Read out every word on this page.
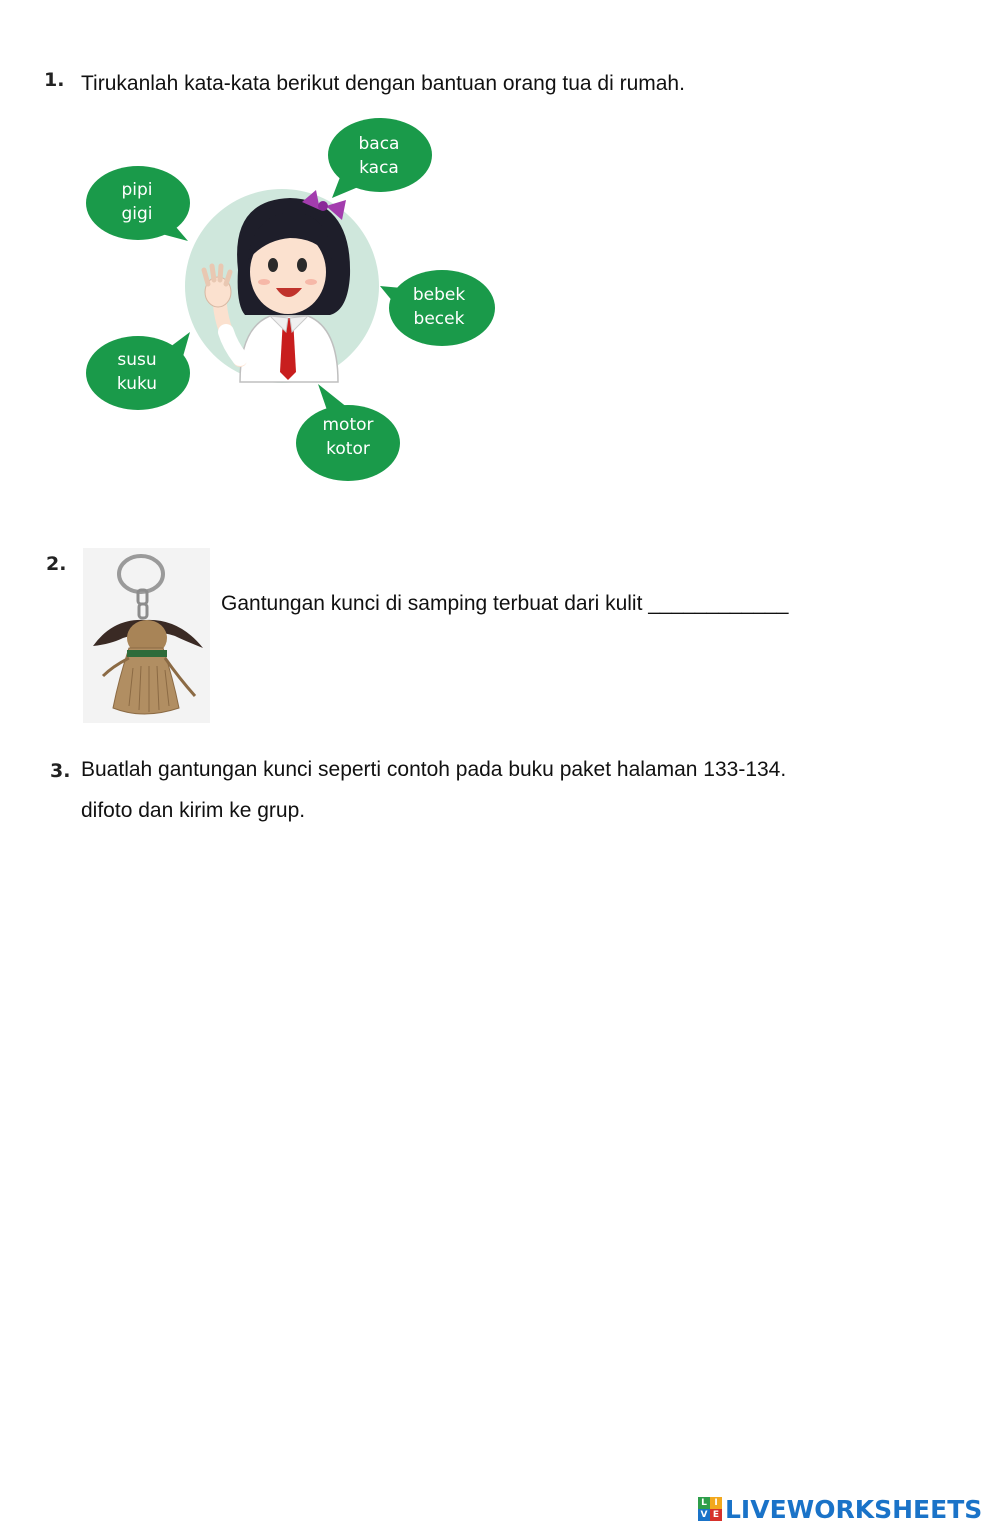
1. Tirukanlah kata-kata berikut dengan bantuan orang tua di rumah.
baca
kaca
pipi
gigi
bebek
becek
susu
kuku
motor
kotor
2.
Gantungan kunci di samping terbuat dari kulit ____________
3. Buatlah gantungan kunci seperti contoh pada buku paket halaman 133-134.
difoto dan kirim ke grup.
L I
V E LIVEWORKSHEETS
